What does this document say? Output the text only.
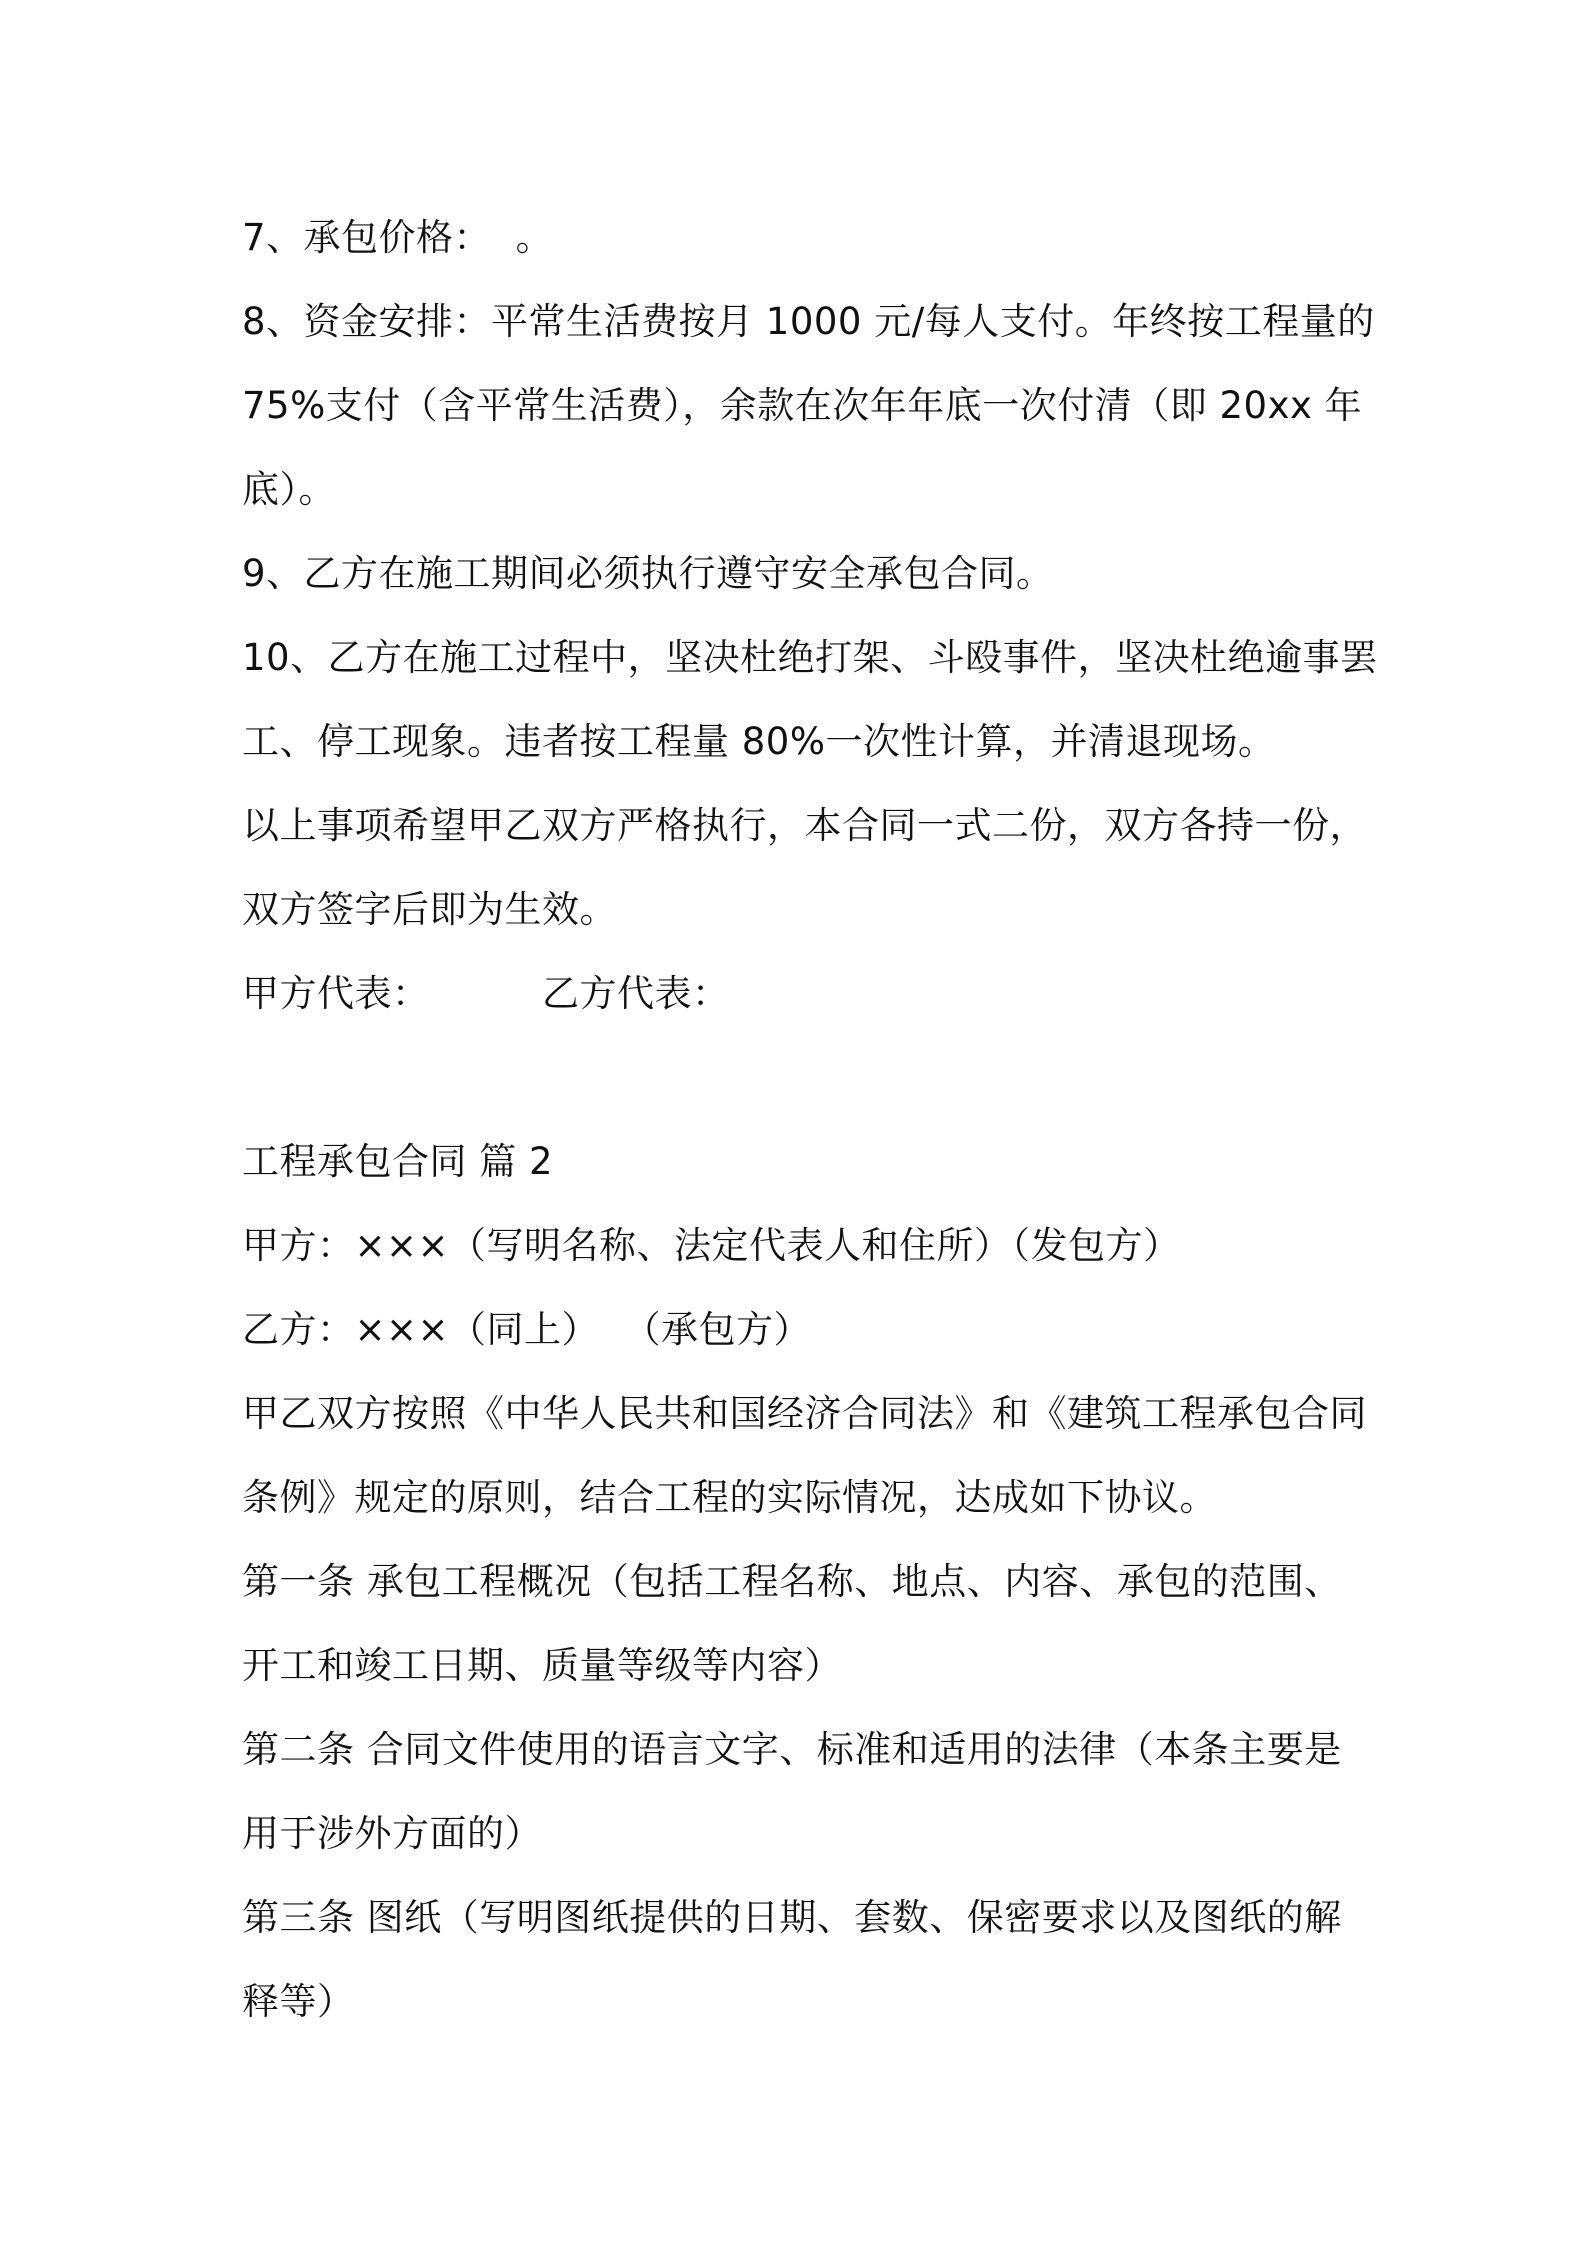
7、承包价格：  。
8、资金安排：平常生活费按月 1000 元/每人支付。年终按工程量的
75%支付（含平常生活费），余款在次年年底一次付清（即 20xx 年
底）。
9、乙方在施工期间必须执行遵守安全承包合同。
10、乙方在施工过程中，坚决杜绝打架、斗殴事件，坚决杜绝逾事罢
工、停工现象。违者按工程量 80%一次性计算，并清退现场。
以上事项希望甲乙双方严格执行，本合同一式二份，双方各持一份，
双方签字后即为生效。
甲方代表：	乙方代表：
工程承包合同 篇 2
甲方：×××（写明名称、法定代表人和住所）（发包方）
乙方：×××（同上）  （承包方）
甲乙双方按照《中华人民共和国经济合同法》和《建筑工程承包合同
条例》规定的原则，结合工程的实际情况，达成如下协议。
第一条 承包工程概况（包括工程名称、地点、内容、承包的范围、
开工和竣工日期、质量等级等内容）
第二条 合同文件使用的语言文字、标准和适用的法律（本条主要是
用于涉外方面的）
第三条 图纸（写明图纸提供的日期、套数、保密要求以及图纸的解
释等）
